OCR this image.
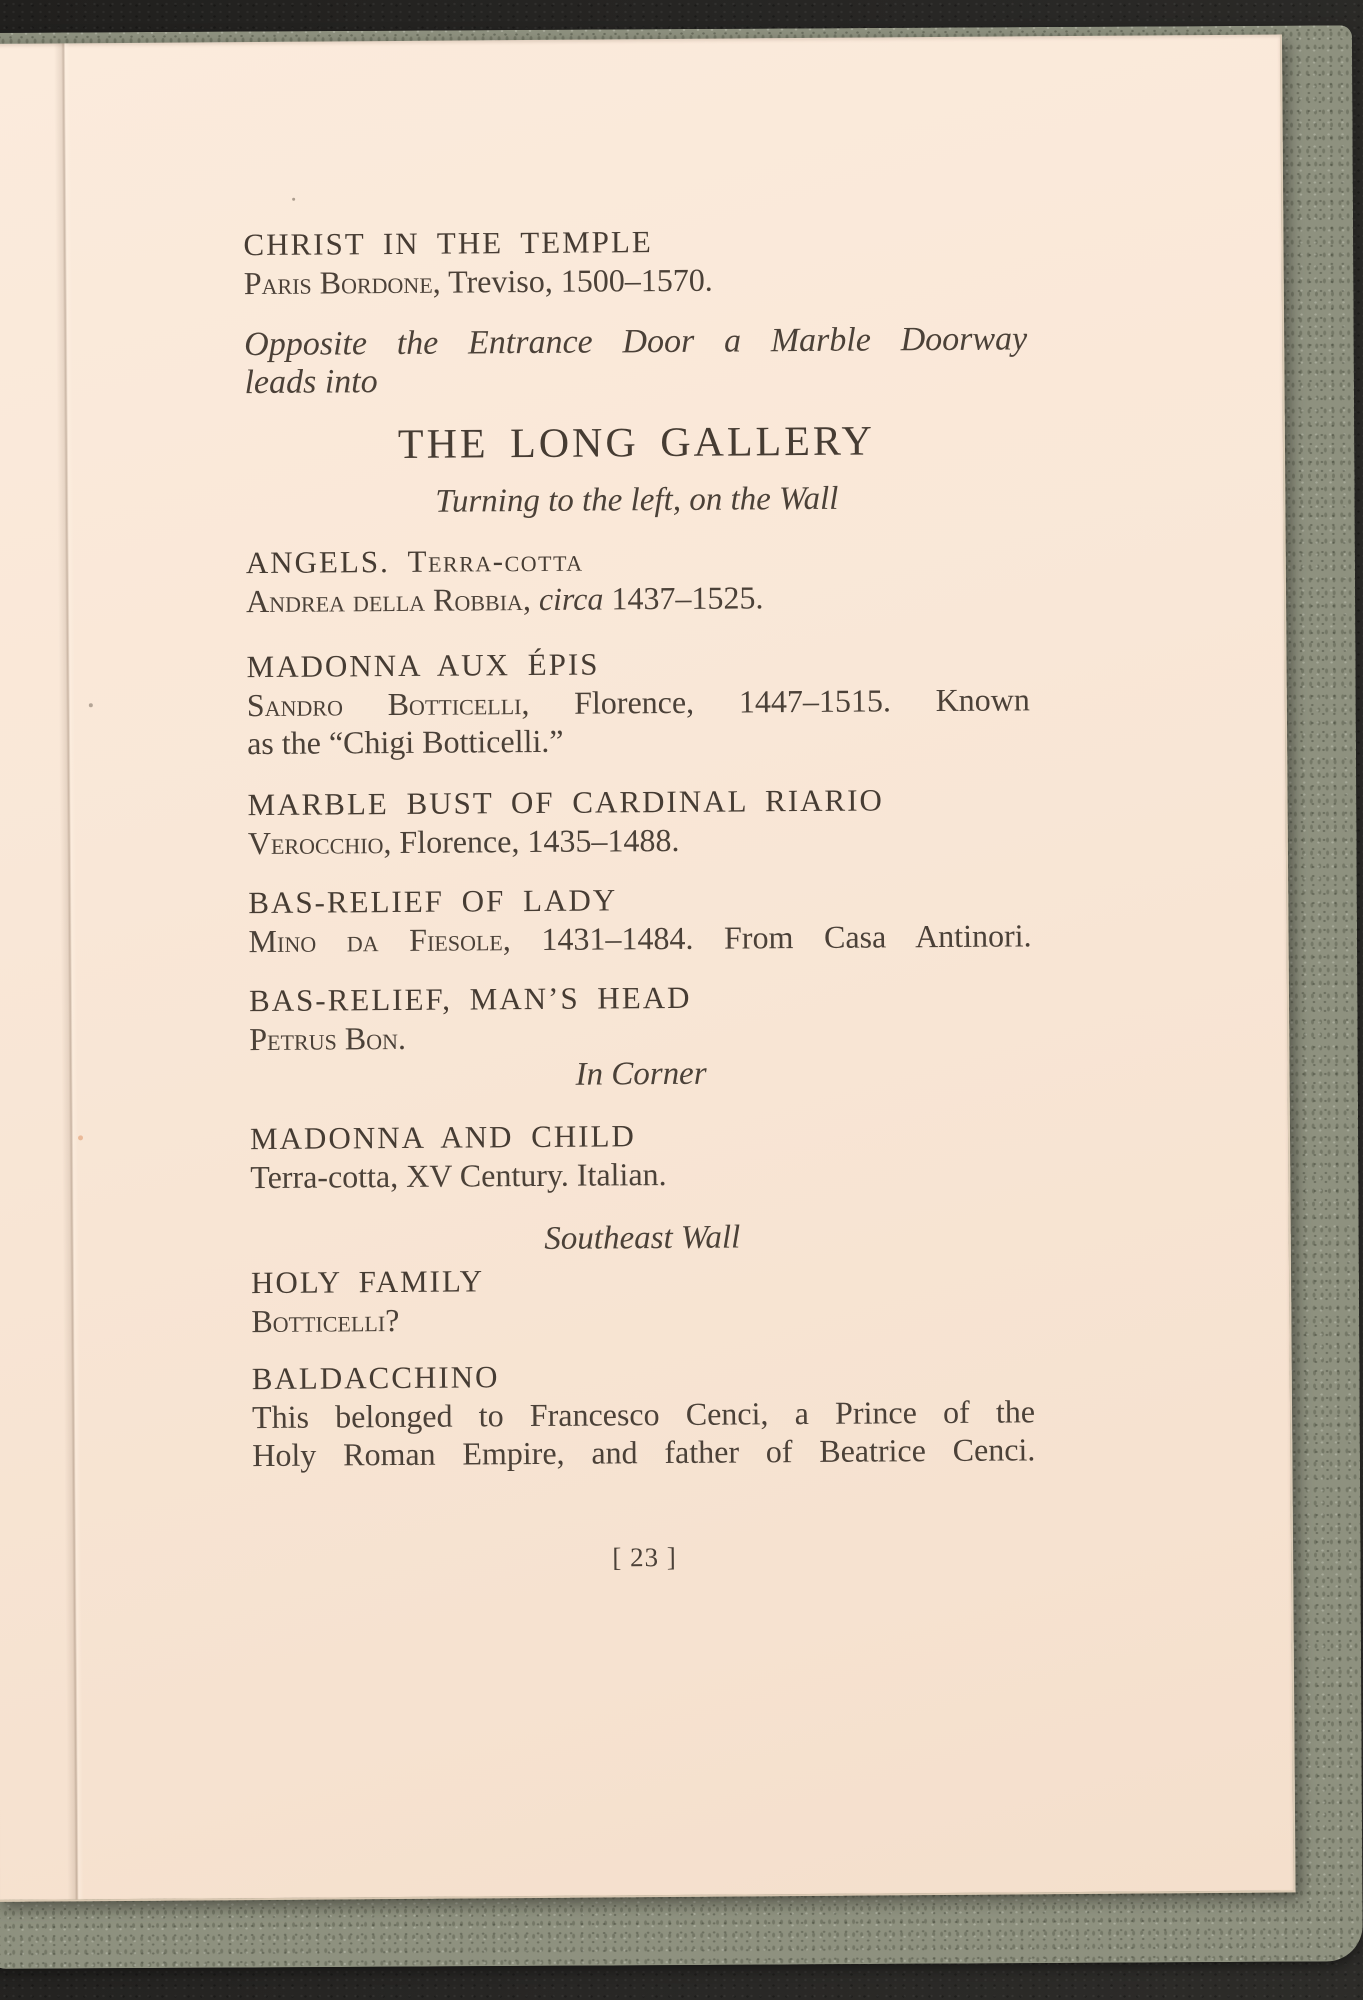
CHRIST IN THE TEMPLE
Paris Bordone, Treviso, 1500–1570.
Opposite the Entrance Door a Marble Doorway
leads into
THE LONG GALLERY
Turning to the left, on the Wall
ANGELS. Terra-cotta
Andrea della Robbia, circa 1437–1525.
MADONNA AUX ÉPIS
Sandro Botticelli, Florence, 1447–1515. Known
as the “Chigi Botticelli.”
MARBLE BUST OF CARDINAL RIARIO
Verocchio, Florence, 1435–1488.
BAS-RELIEF OF LADY
Mino da Fiesole, 1431–1484. From Casa Antinori.
BAS-RELIEF, MAN’S HEAD
Petrus Bon.
In Corner
MADONNA AND CHILD
Terra-cotta, XV Century. Italian.
Southeast Wall
HOLY FAMILY
Botticelli?
BALDACCHINO
This belonged to Francesco Cenci, a Prince of the
Holy Roman Empire, and father of Beatrice Cenci.
[ 23 ]
